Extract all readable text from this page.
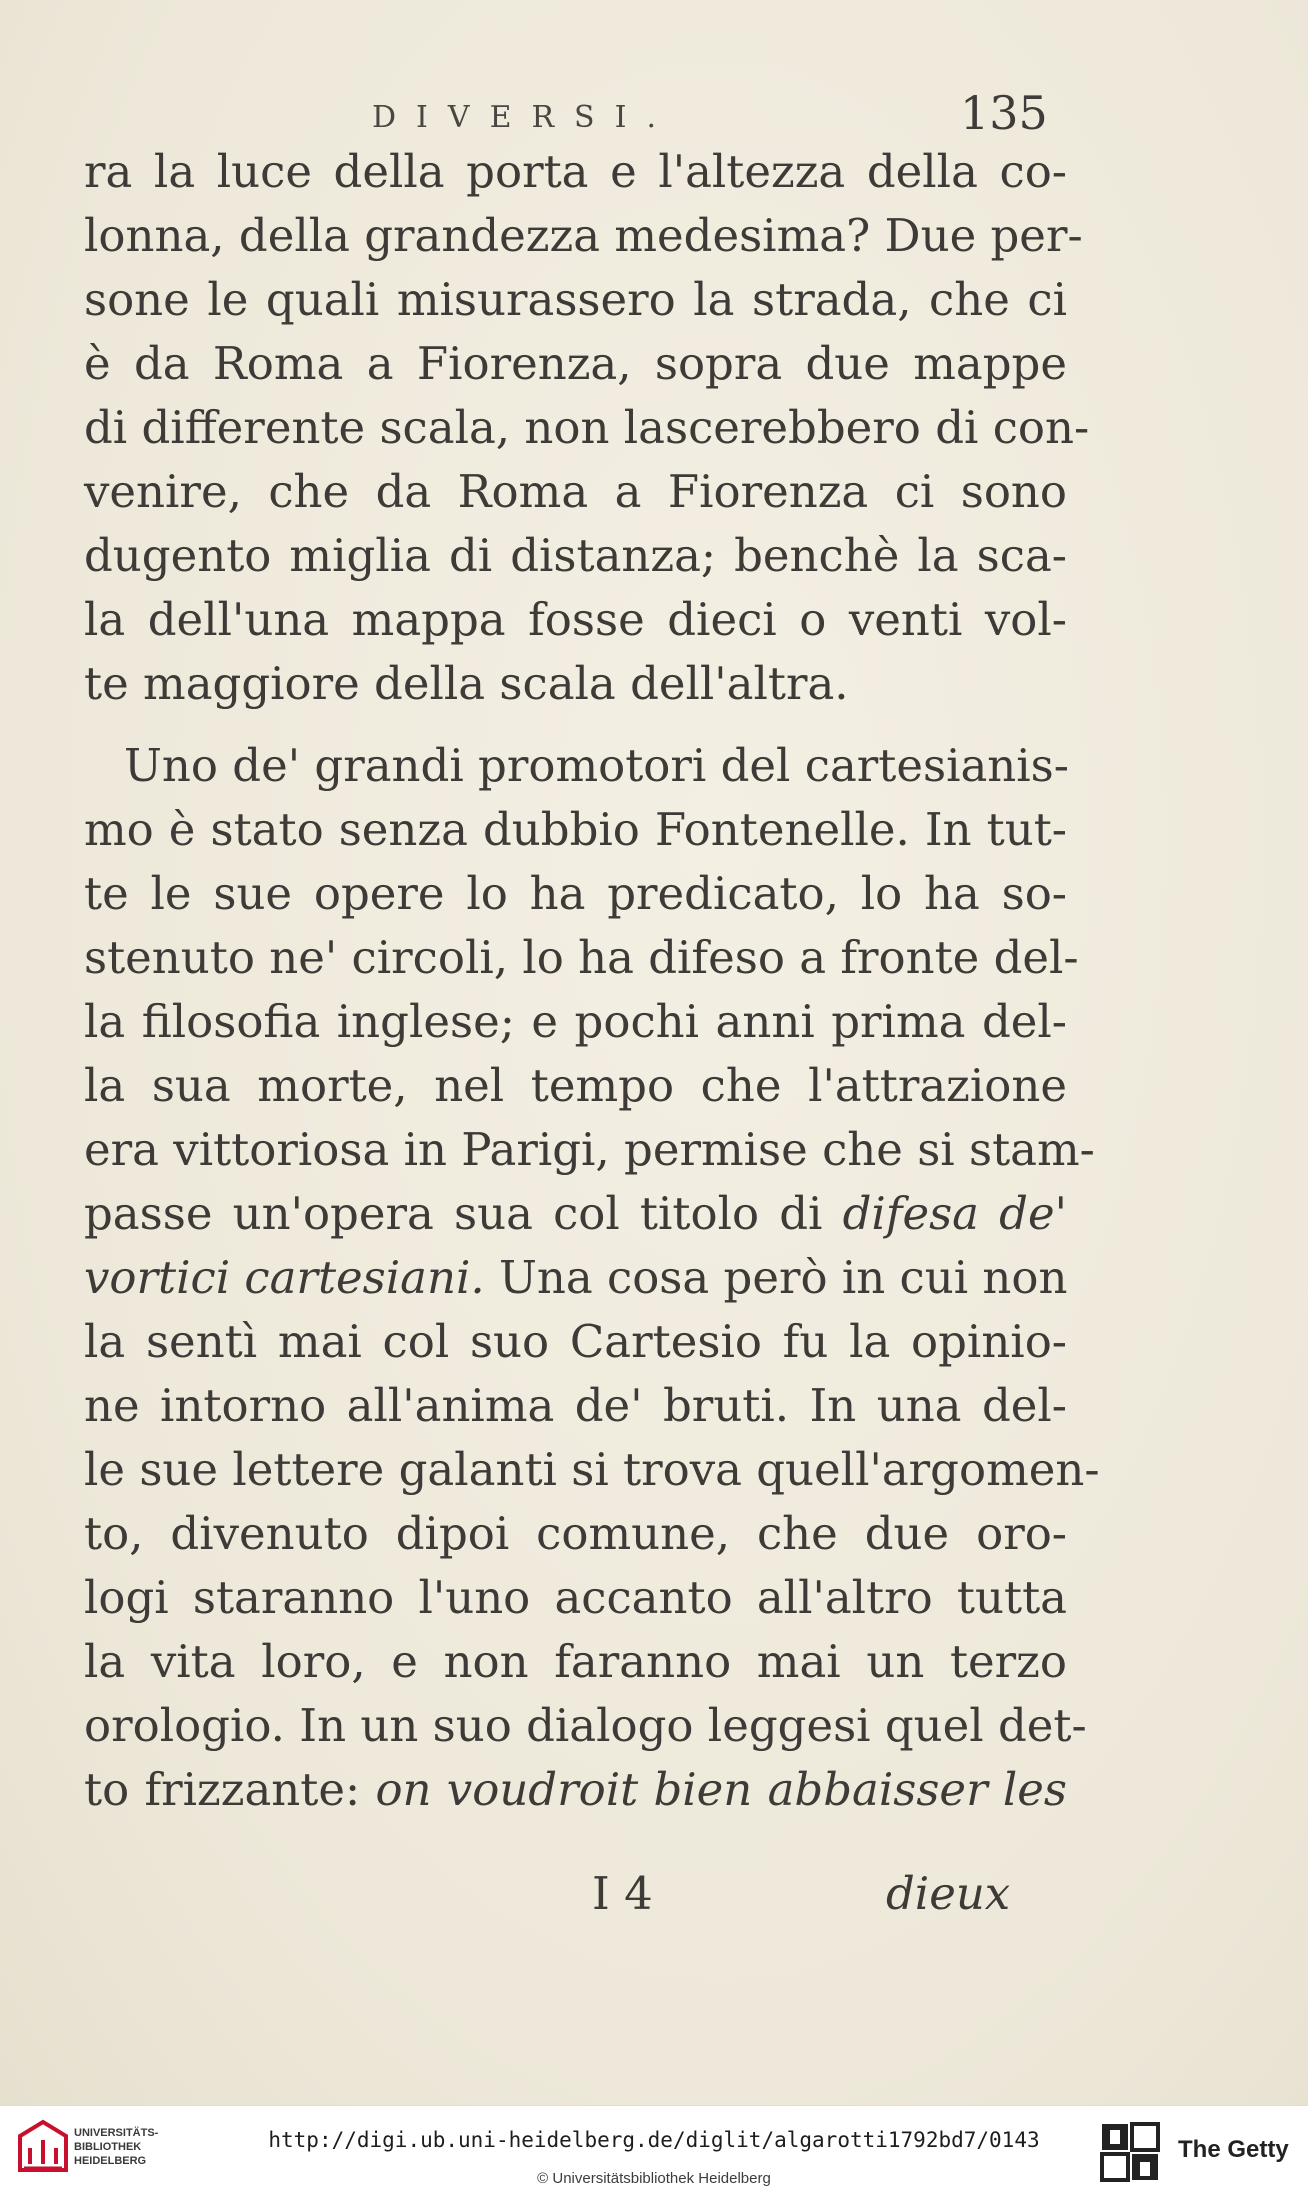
DIVERSI.	135
ra la luce della porta e l'altezza della co-
lonna, della grandezza medesima? Due per-
sone le quali misurassero la strada, che ci
è da Roma a Fiorenza, sopra due mappe
di differente scala, non lascerebbero di con-
venire, che da Roma a Fiorenza ci sono
dugento miglia di distanza; benchè la sca-
la dell'una mappa fosse dieci o venti vol-
te maggiore della scala dell'altra.
Uno de' grandi promotori del cartesianis-
mo è stato senza dubbio Fontenelle. In tut-
te le sue opere lo ha predicato, lo ha so-
stenuto ne' circoli, lo ha difeso a fronte del-
la filosofia inglese; e pochi anni prima del-
la sua morte, nel tempo che l'attrazione
era vittoriosa in Parigi, permise che si stam-
passe un'opera sua col titolo di difesa de'
vortici cartesiani. Una cosa però in cui non
la sentì mai col suo Cartesio fu la opinio-
ne intorno all'anima de' bruti. In una del-
le sue lettere galanti si trova quell'argomen-
to, divenuto dipoi comune, che due oro-
logi staranno l'uno accanto all'altro tutta
la vita loro, e non faranno mai un terzo
orologio. In un suo dialogo leggesi quel det-
to frizzante: on voudroit bien abbaisser les
I 4	dieux
UNIVERSITÄTS-
BIBLIOTHEK
HEIDELBERG
http://digi.ub.uni-heidelberg.de/diglit/algarotti1792bd7/0143
© Universitätsbibliothek Heidelberg
The Getty
